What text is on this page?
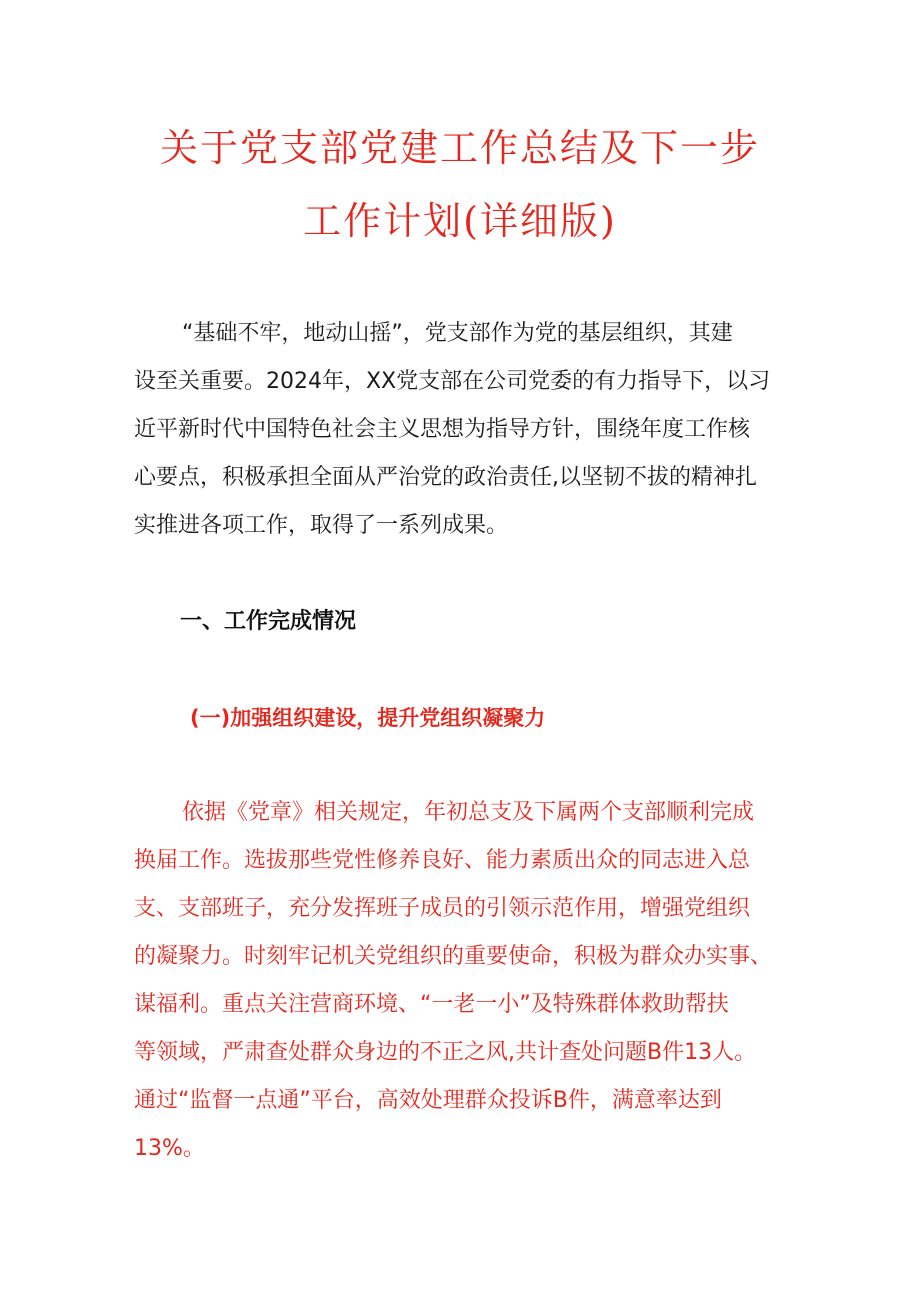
关于党支部党建工作总结及下一步
工作计划(详细版)
“基础不牢，地动山摇”，党支部作为党的基层组织，其建
设至关重要。2024年，XX党支部在公司党委的有力指导下，以习
近平新时代中国特色社会主义思想为指导方针，围绕年度工作核
心要点，积极承担全面从严治党的政治责任,以坚韧不拔的精神扎
实推进各项工作，取得了一系列成果。
一、工作完成情况
(一)加强组织建设，提升党组织凝聚力
依据《党章》相关规定，年初总支及下属两个支部顺利完成
换届工作。选拔那些党性修养良好、能力素质出众的同志进入总
支、支部班子，充分发挥班子成员的引领示范作用，增强党组织
的凝聚力。时刻牢记机关党组织的重要使命，积极为群众办实事、
谋福利。重点关注营商环境、“一老一小”及特殊群体救助帮扶
等领域，严肃查处群众身边的不正之风,共计查处问题B件13人。
通过“监督一点通”平台，高效处理群众投诉B件，满意率达到
13%。
